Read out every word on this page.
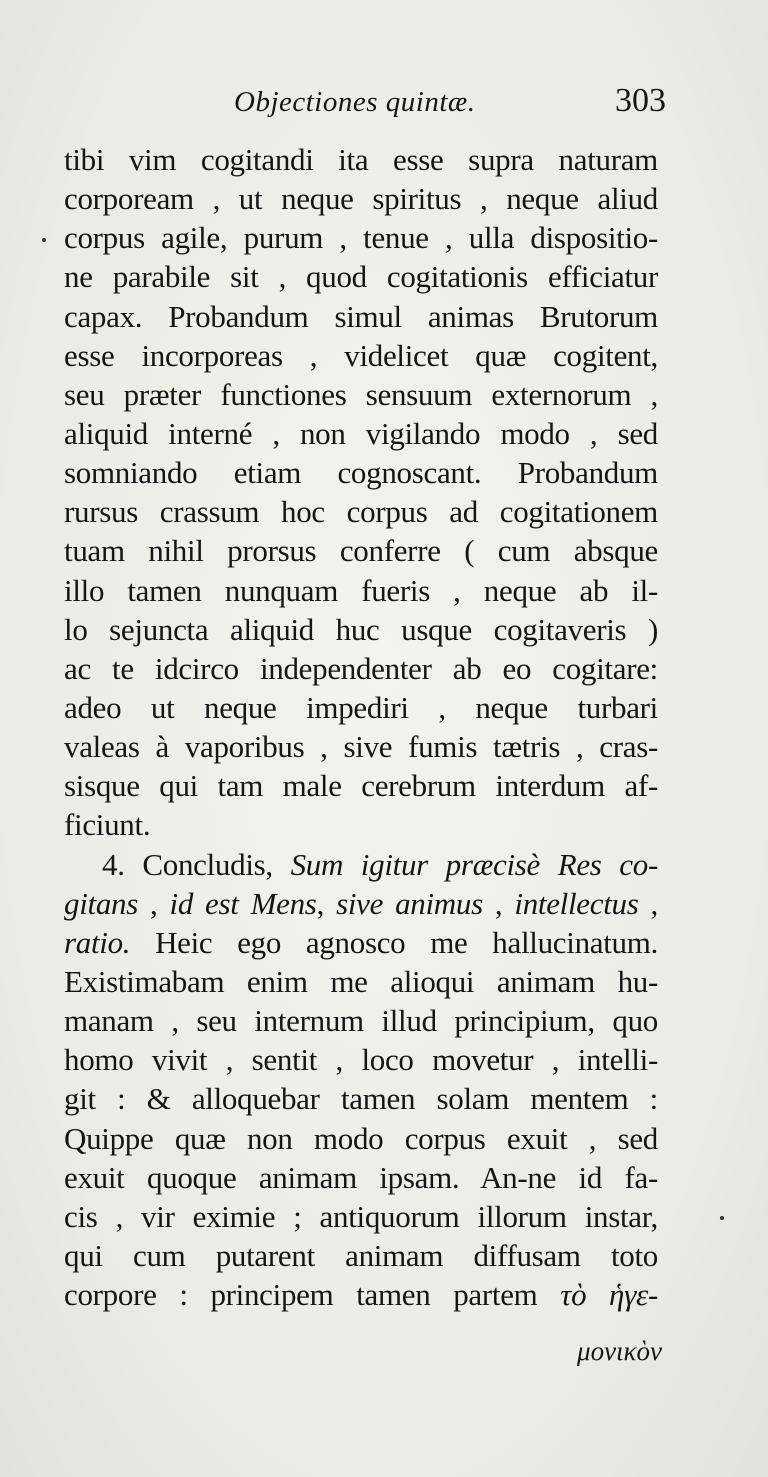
Objectiones quintæ.	303
tibi vim cogitandi ita esse supra naturam
corpoream , ut neque spiritus , neque aliud
corpus agile, purum , tenue , ulla dispositio-
ne parabile sit , quod cogitationis efficiatur
capax. Probandum simul animas Brutorum
esse incorporeas , videlicet quæ cogitent,
seu præter functiones sensuum externorum ,
aliquid interné , non vigilando modo , sed
somniando etiam cognoscant. Probandum
rursus crassum hoc corpus ad cogitationem
tuam nihil prorsus conferre ( cum absque
illo tamen nunquam fueris , neque ab il-
lo sejuncta aliquid huc usque cogitaveris )
ac te idcirco independenter ab eo cogitare:
adeo ut neque impediri , neque turbari
valeas à vaporibus , sive fumis tætris , cras-
sisque qui tam male cerebrum interdum af-
ficiunt.
4. Concludis, Sum igitur præcisè Res co-
gitans , id est Mens, sive animus , intellectus ,
ratio. Heic ego agnosco me hallucinatum.
Existimabam enim me alioqui animam hu-
manam , seu internum illud principium, quo
homo vivit , sentit , loco movetur , intelli-
git : & alloquebar tamen solam mentem :
Quippe quæ non modo corpus exuit , sed
exuit quoque animam ipsam. An-ne id fa-
cis , vir eximie ; antiquorum illorum instar,
qui cum putarent animam diffusam toto
corpore : principem tamen partem τὸ ἡγε-
μονικὸν
